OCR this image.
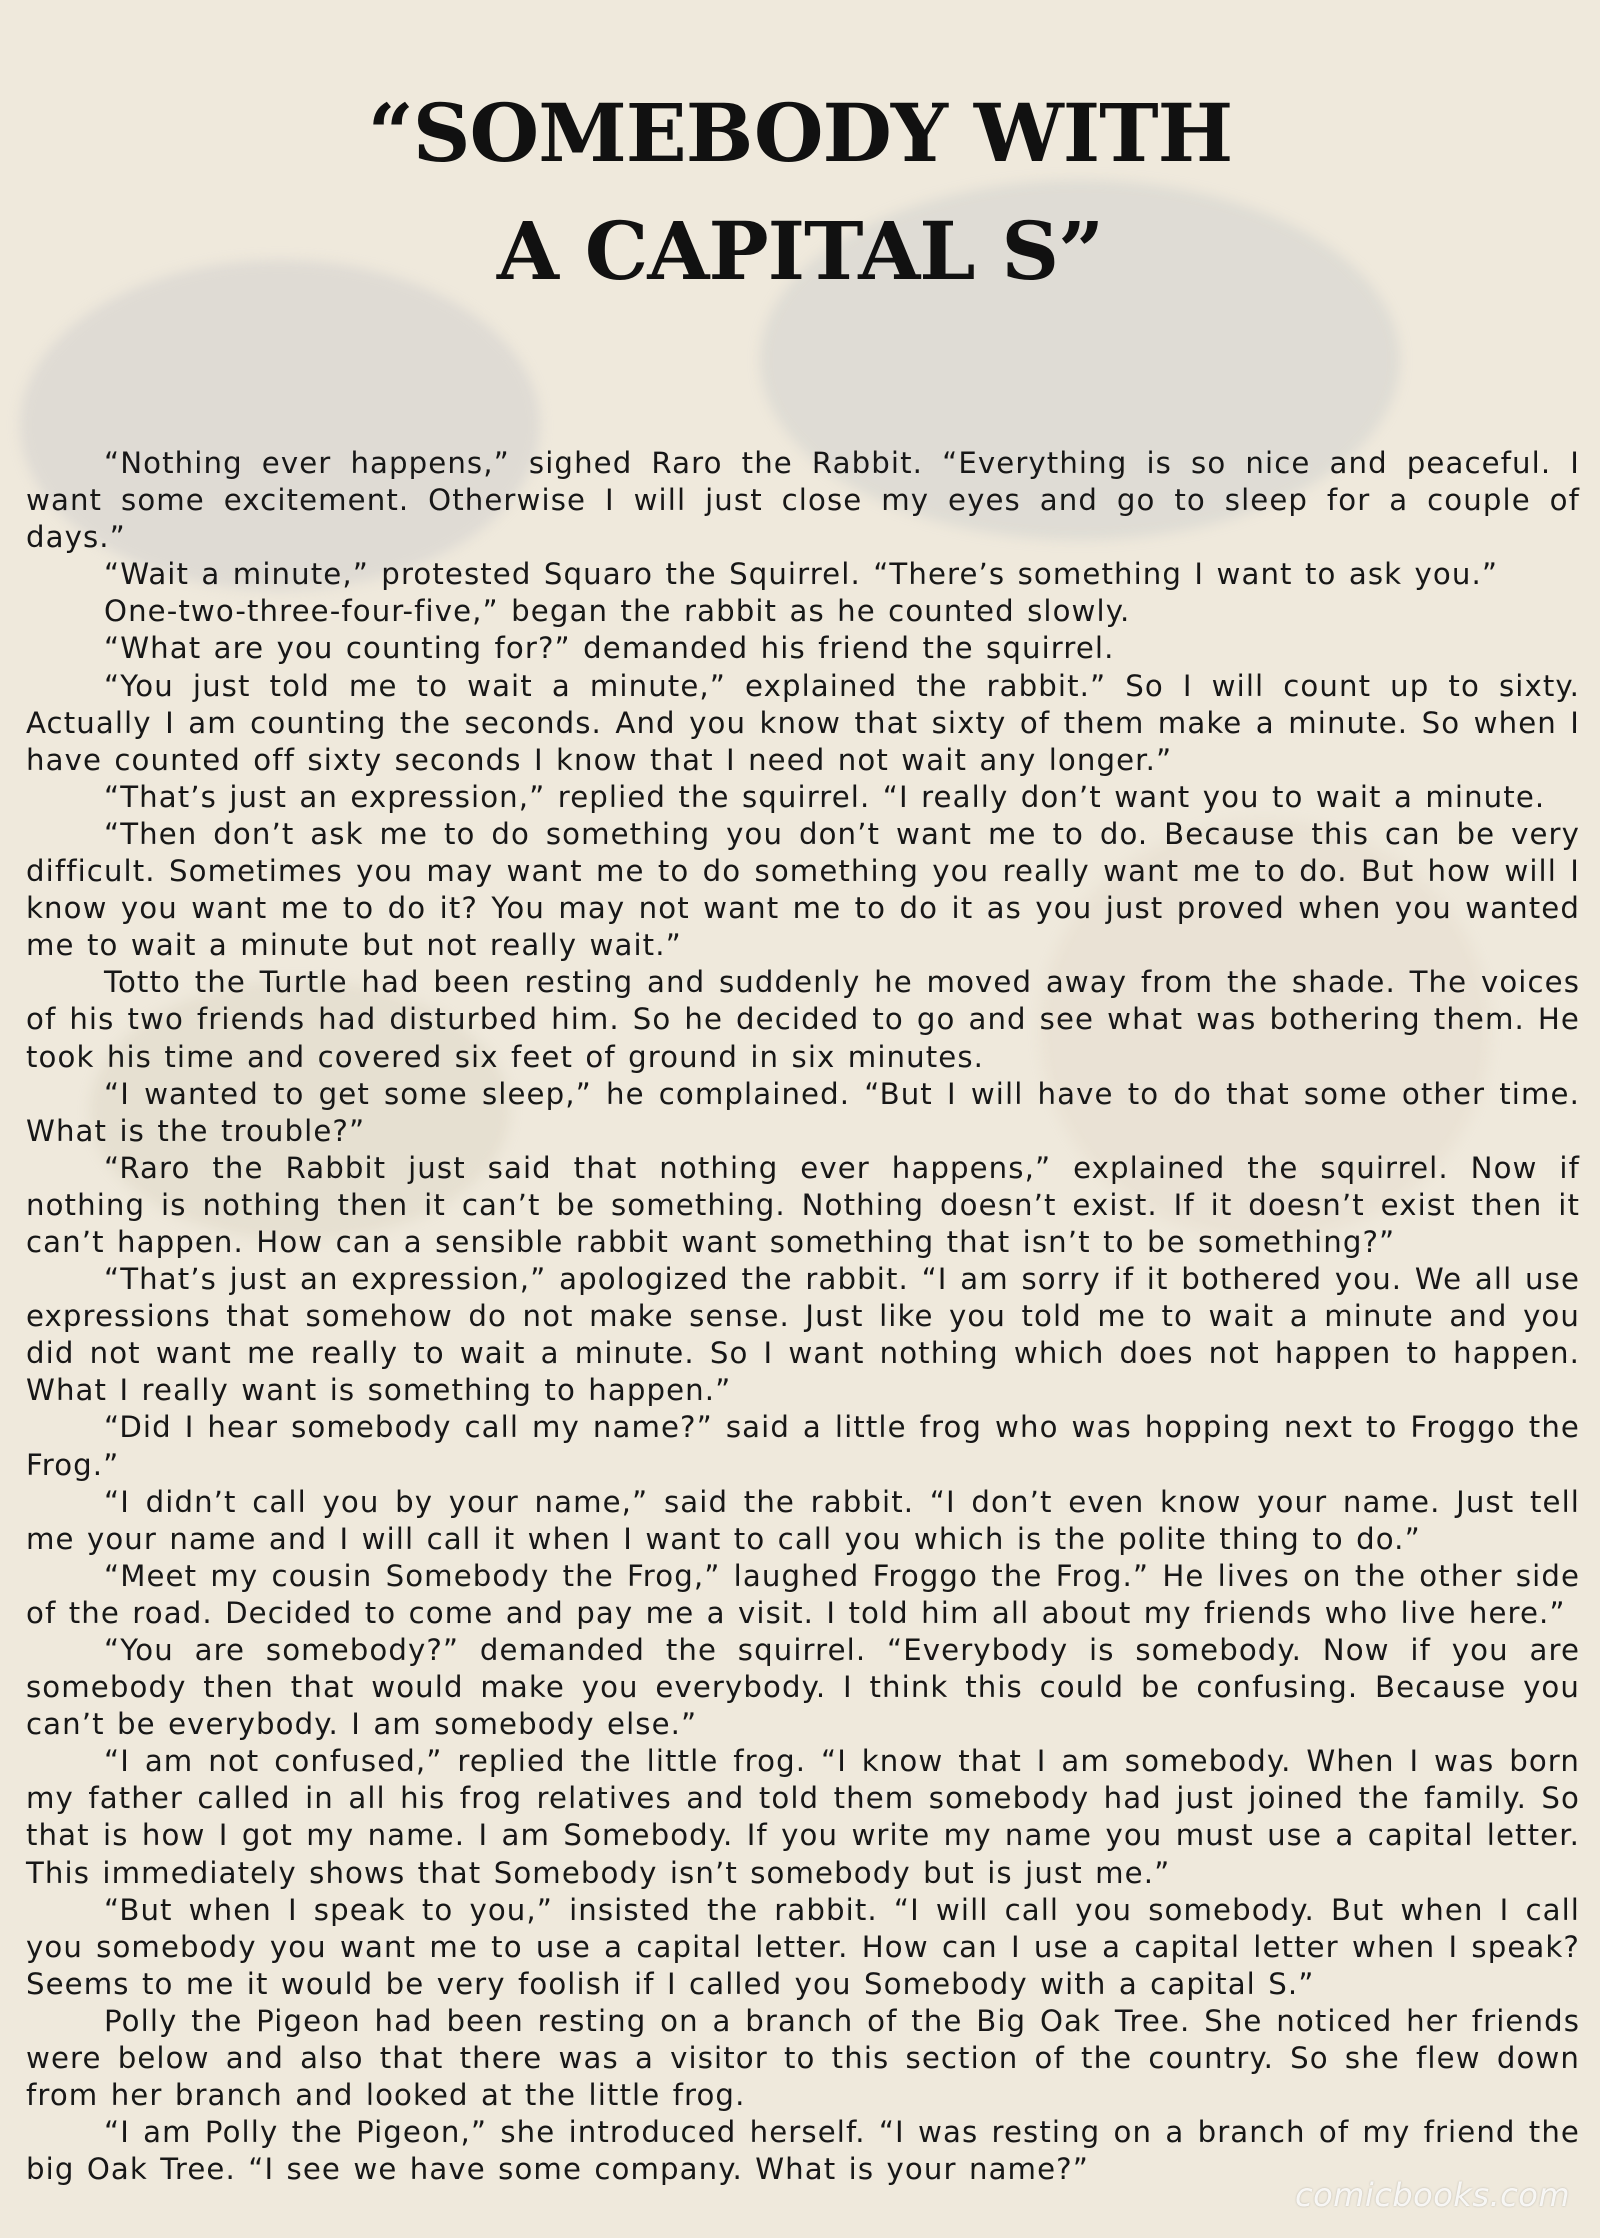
“SOMEBODY WITH
A CAPITAL S”

“Nothing ever happens,” sighed Raro the Rabbit. “Everything is so nice and peaceful. I want some excitement. Otherwise I will just close my eyes and go to sleep for a couple of days.”

“Wait a minute,” protested Squaro the Squirrel. “There’s something I want to ask you.”

One-two-three-four-five,” began the rabbit as he counted slowly.

“What are you counting for?” demanded his friend the squirrel.

“You just told me to wait a minute,” explained the rabbit.” So I will count up to sixty. Actually I am counting the seconds. And you know that sixty of them make a minute. So when I have counted off sixty seconds I know that I need not wait any longer.”

“That’s just an expression,” replied the squirrel. “I really don’t want you to wait a minute.

“Then don’t ask me to do something you don’t want me to do. Because this can be very difficult. Sometimes you may want me to do something you really want me to do. But how will I know you want me to do it? You may not want me to do it as you just proved when you wanted me to wait a minute but not really wait.”

Totto the Turtle had been resting and suddenly he moved away from the shade. The voices of his two friends had disturbed him. So he decided to go and see what was bothering them. He took his time and covered six feet of ground in six minutes.

“I wanted to get some sleep,” he complained. “But I will have to do that some other time. What is the trouble?”

“Raro the Rabbit just said that nothing ever happens,” explained the squirrel. Now if nothing is nothing then it can’t be something. Nothing doesn’t exist. If it doesn’t exist then it can’t happen. How can a sensible rabbit want something that isn’t to be something?”

“That’s just an expression,” apologized the rabbit. “I am sorry if it bothered you. We all use expressions that somehow do not make sense. Just like you told me to wait a minute and you did not want me really to wait a minute. So I want nothing which does not happen to happen. What I really want is something to happen.”

“Did I hear somebody call my name?” said a little frog who was hopping next to Froggo the Frog.”

“I didn’t call you by your name,” said the rabbit. “I don’t even know your name. Just tell me your name and I will call it when I want to call you which is the polite thing to do.”

“Meet my cousin Somebody the Frog,” laughed Froggo the Frog.” He lives on the other side of the road. Decided to come and pay me a visit. I told him all about my friends who live here.”

“You are somebody?” demanded the squirrel. “Everybody is somebody. Now if you are somebody then that would make you everybody. I think this could be confusing. Because you can’t be everybody. I am somebody else.”

“I am not confused,” replied the little frog. “I know that I am somebody. When I was born my father called in all his frog relatives and told them somebody had just joined the family. So that is how I got my name. I am Somebody. If you write my name you must use a capital letter. This immediately shows that Somebody isn’t somebody but is just me.”

“But when I speak to you,” insisted the rabbit. “I will call you somebody. But when I call you somebody you want me to use a capital letter. How can I use a capital letter when I speak? Seems to me it would be very foolish if I called you Somebody with a capital S.”

Polly the Pigeon had been resting on a branch of the Big Oak Tree. She noticed her friends were below and also that there was a visitor to this section of the country. So she flew down from her branch and looked at the little frog.

“I am Polly the Pigeon,” she introduced herself. “I was resting on a branch of my friend the big Oak Tree. “I see we have some company. What is your name?”

comicbooks.com
